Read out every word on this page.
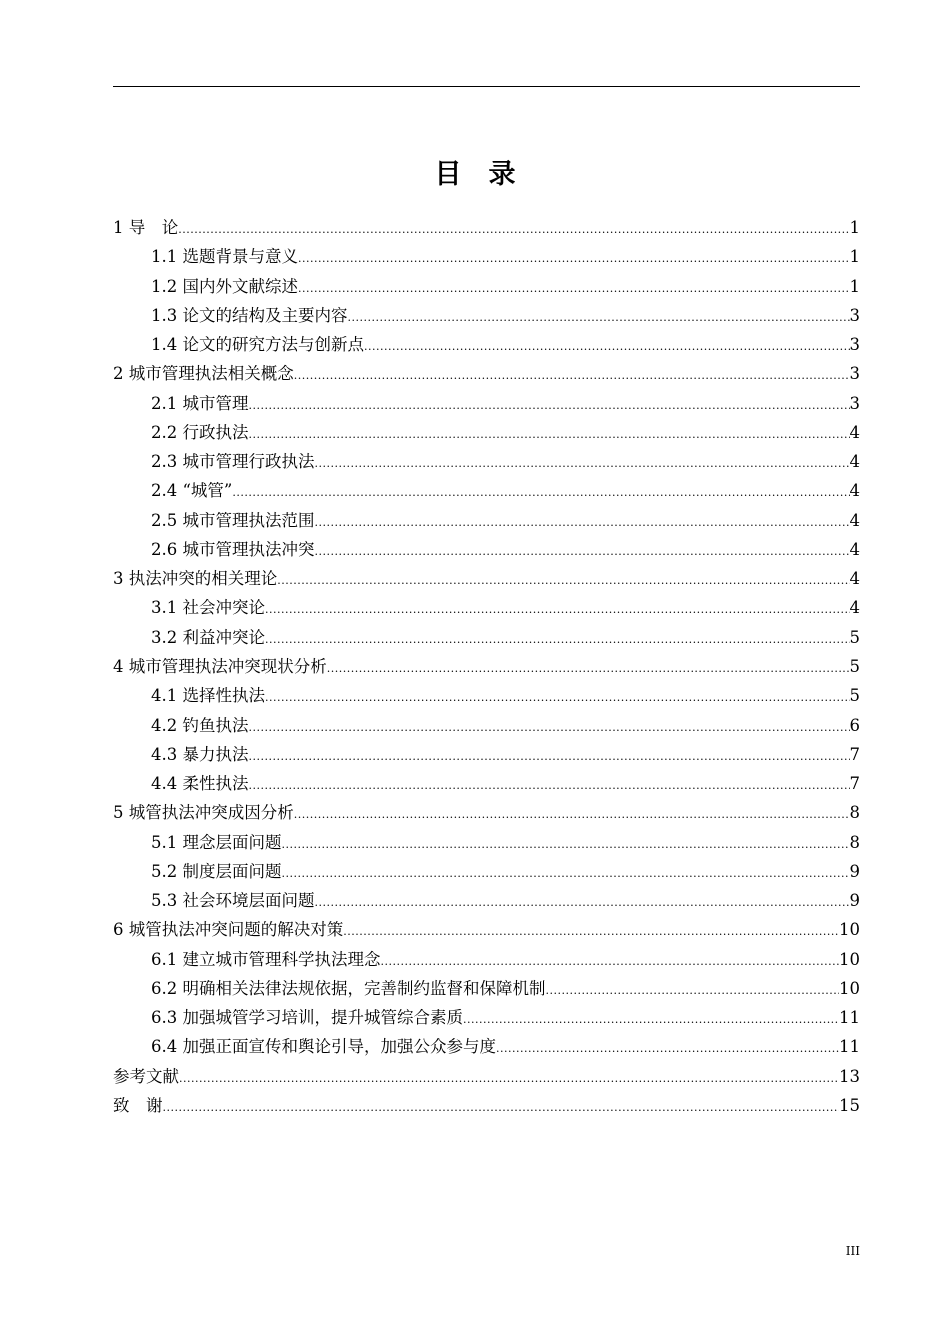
目　录
1 导　论 .....	1
1.1 选题背景与意义 .....	1
1.2 国内外文献综述 .....	1
1.3 论文的结构及主要内容 .....	3
1.4 论文的研究方法与创新点 .....	3
2 城市管理执法相关概念 .....	3
2.1 城市管理 .....	3
2.2 行政执法 .....	4
2.3 城市管理行政执法 .....	4
2.4 “城管” .....	4
2.5 城市管理执法范围 .....	4
2.6 城市管理执法冲突 .....	4
3 执法冲突的相关理论 .....	4
3.1 社会冲突论 .....	4
3.2 利益冲突论 .....	5
4 城市管理执法冲突现状分析 .....	5
4.1 选择性执法 .....	5
4.2 钓鱼执法 .....	6
4.3 暴力执法 .....	7
4.4 柔性执法 .....	7
5 城管执法冲突成因分析 .....	8
5.1 理念层面问题 .....	8
5.2 制度层面问题 .....	9
5.3 社会环境层面问题 .....	9
6 城管执法冲突问题的解决对策 .....	10
6.1 建立城市管理科学执法理念 .....	10
6.2 明确相关法律法规依据，完善制约监督和保障机制 .....	10
6.3 加强城管学习培训，提升城管综合素质 .....	11
6.4 加强正面宣传和舆论引导，加强公众参与度 .....	11
参考文献 .....	13
致　谢 .....	15
III
